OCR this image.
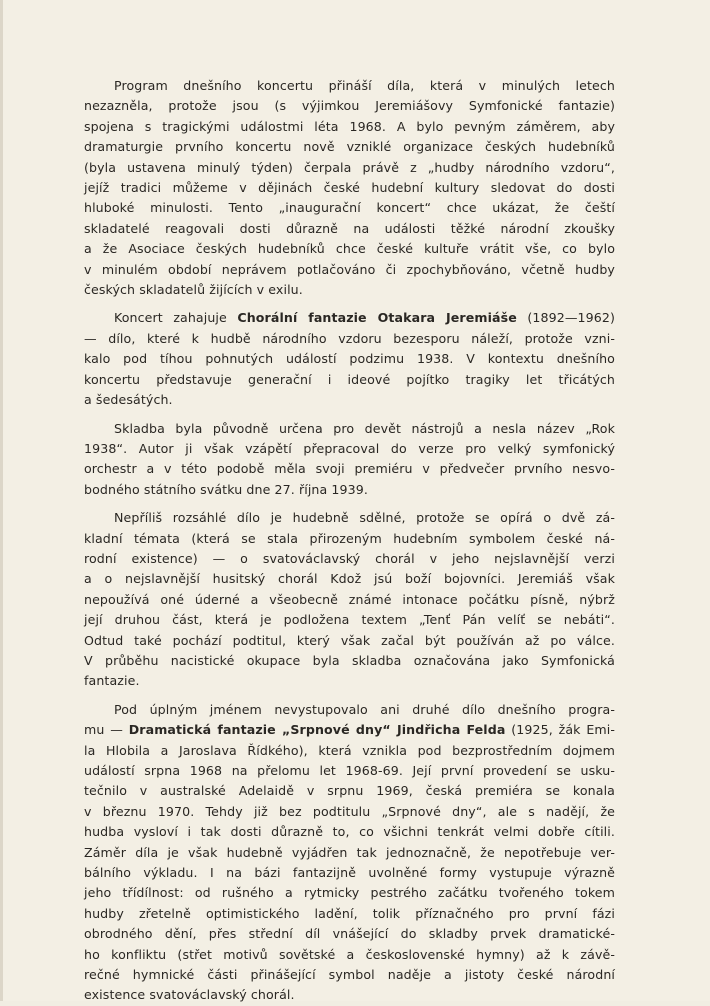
Program dnešního koncertu přináší díla, která v minulých letech
nezazněla, protože jsou (s výjimkou Jeremiášovy Symfonické fantazie)
spojena s tragickými událostmi léta 1968. A bylo pevným záměrem, aby
dramaturgie prvního koncertu nově vzniklé organizace českých hudebníků
(byla ustavena minulý týden) čerpala právě z „hudby národního vzdoru“,
jejíž tradici můžeme v dějinách české hudební kultury sledovat do dosti
hluboké minulosti. Tento „inaugurační koncert“ chce ukázat, že čeští
skladatelé reagovali dosti důrazně na události těžké národní zkoušky
a že Asociace českých hudebníků chce české kultuře vrátit vše, co bylo
v minulém období neprávem potlačováno či zpochybňováno, včetně hudby
českých skladatelů žijících v exilu.
Koncert zahajuje Chorální fantazie Otakara Jeremiáše (1892—1962)
— dílo, které k hudbě národního vzdoru bezesporu náleží, protože vzni-
kalo pod tíhou pohnutých událostí podzimu 1938. V kontextu dnešního
koncertu představuje generační i ideové pojítko tragiky let třicátých
a šedesátých.
Skladba byla původně určena pro devět nástrojů a nesla název „Rok
1938“. Autor ji však vzápětí přepracoval do verze pro velký symfonický
orchestr a v této podobě měla svoji premiéru v předvečer prvního nesvo-
bodného státního svátku dne 27. října 1939.
Nepříliš rozsáhlé dílo je hudebně sdělné, protože se opírá o dvě zá-
kladní témata (která se stala přirozeným hudebním symbolem české ná-
rodní existence) — o svatováclavský chorál v jeho nejslavnější verzi
a o nejslavnější husitský chorál Kdož jsú boží bojovníci. Jeremiáš však
nepoužívá oné úderné a všeobecně známé intonace počátku písně, nýbrž
její druhou část, která je podložena textem „Tenť Pán velíť se nebáti“.
Odtud také pochází podtitul, který však začal být používán až po válce.
V průběhu nacistické okupace byla skladba označována jako Symfonická
fantazie.
Pod úplným jménem nevystupovalo ani druhé dílo dnešního progra-
mu — Dramatická fantazie „Srpnové dny“ Jindřicha Felda (1925, žák Emi-
la Hlobila a Jaroslava Řídkého), která vznikla pod bezprostředním dojmem
událostí srpna 1968 na přelomu let 1968-69. Její první provedení se usku-
tečnilo v australské Adelaidě v srpnu 1969, česká premiéra se konala
v březnu 1970. Tehdy již bez podtitulu „Srpnové dny“, ale s nadějí, že
hudba vysloví i tak dosti důrazně to, co všichni tenkrát velmi dobře cítili.
Záměr díla je však hudebně vyjádřen tak jednoznačně, že nepotřebuje ver-
bálního výkladu. I na bázi fantazijně uvolněné formy vystupuje výrazně
jeho třídílnost: od rušného a rytmicky pestrého začátku tvořeného tokem
hudby zřetelně optimistického ladění, tolik příznačného pro první fázi
obrodného dění, přes střední díl vnášející do skladby prvek dramatické-
ho konfliktu (střet motivů sovětské a československé hymny) až k závě-
rečné hymnické části přinášející symbol naděje a jistoty české národní
existence svatováclavský chorál.
